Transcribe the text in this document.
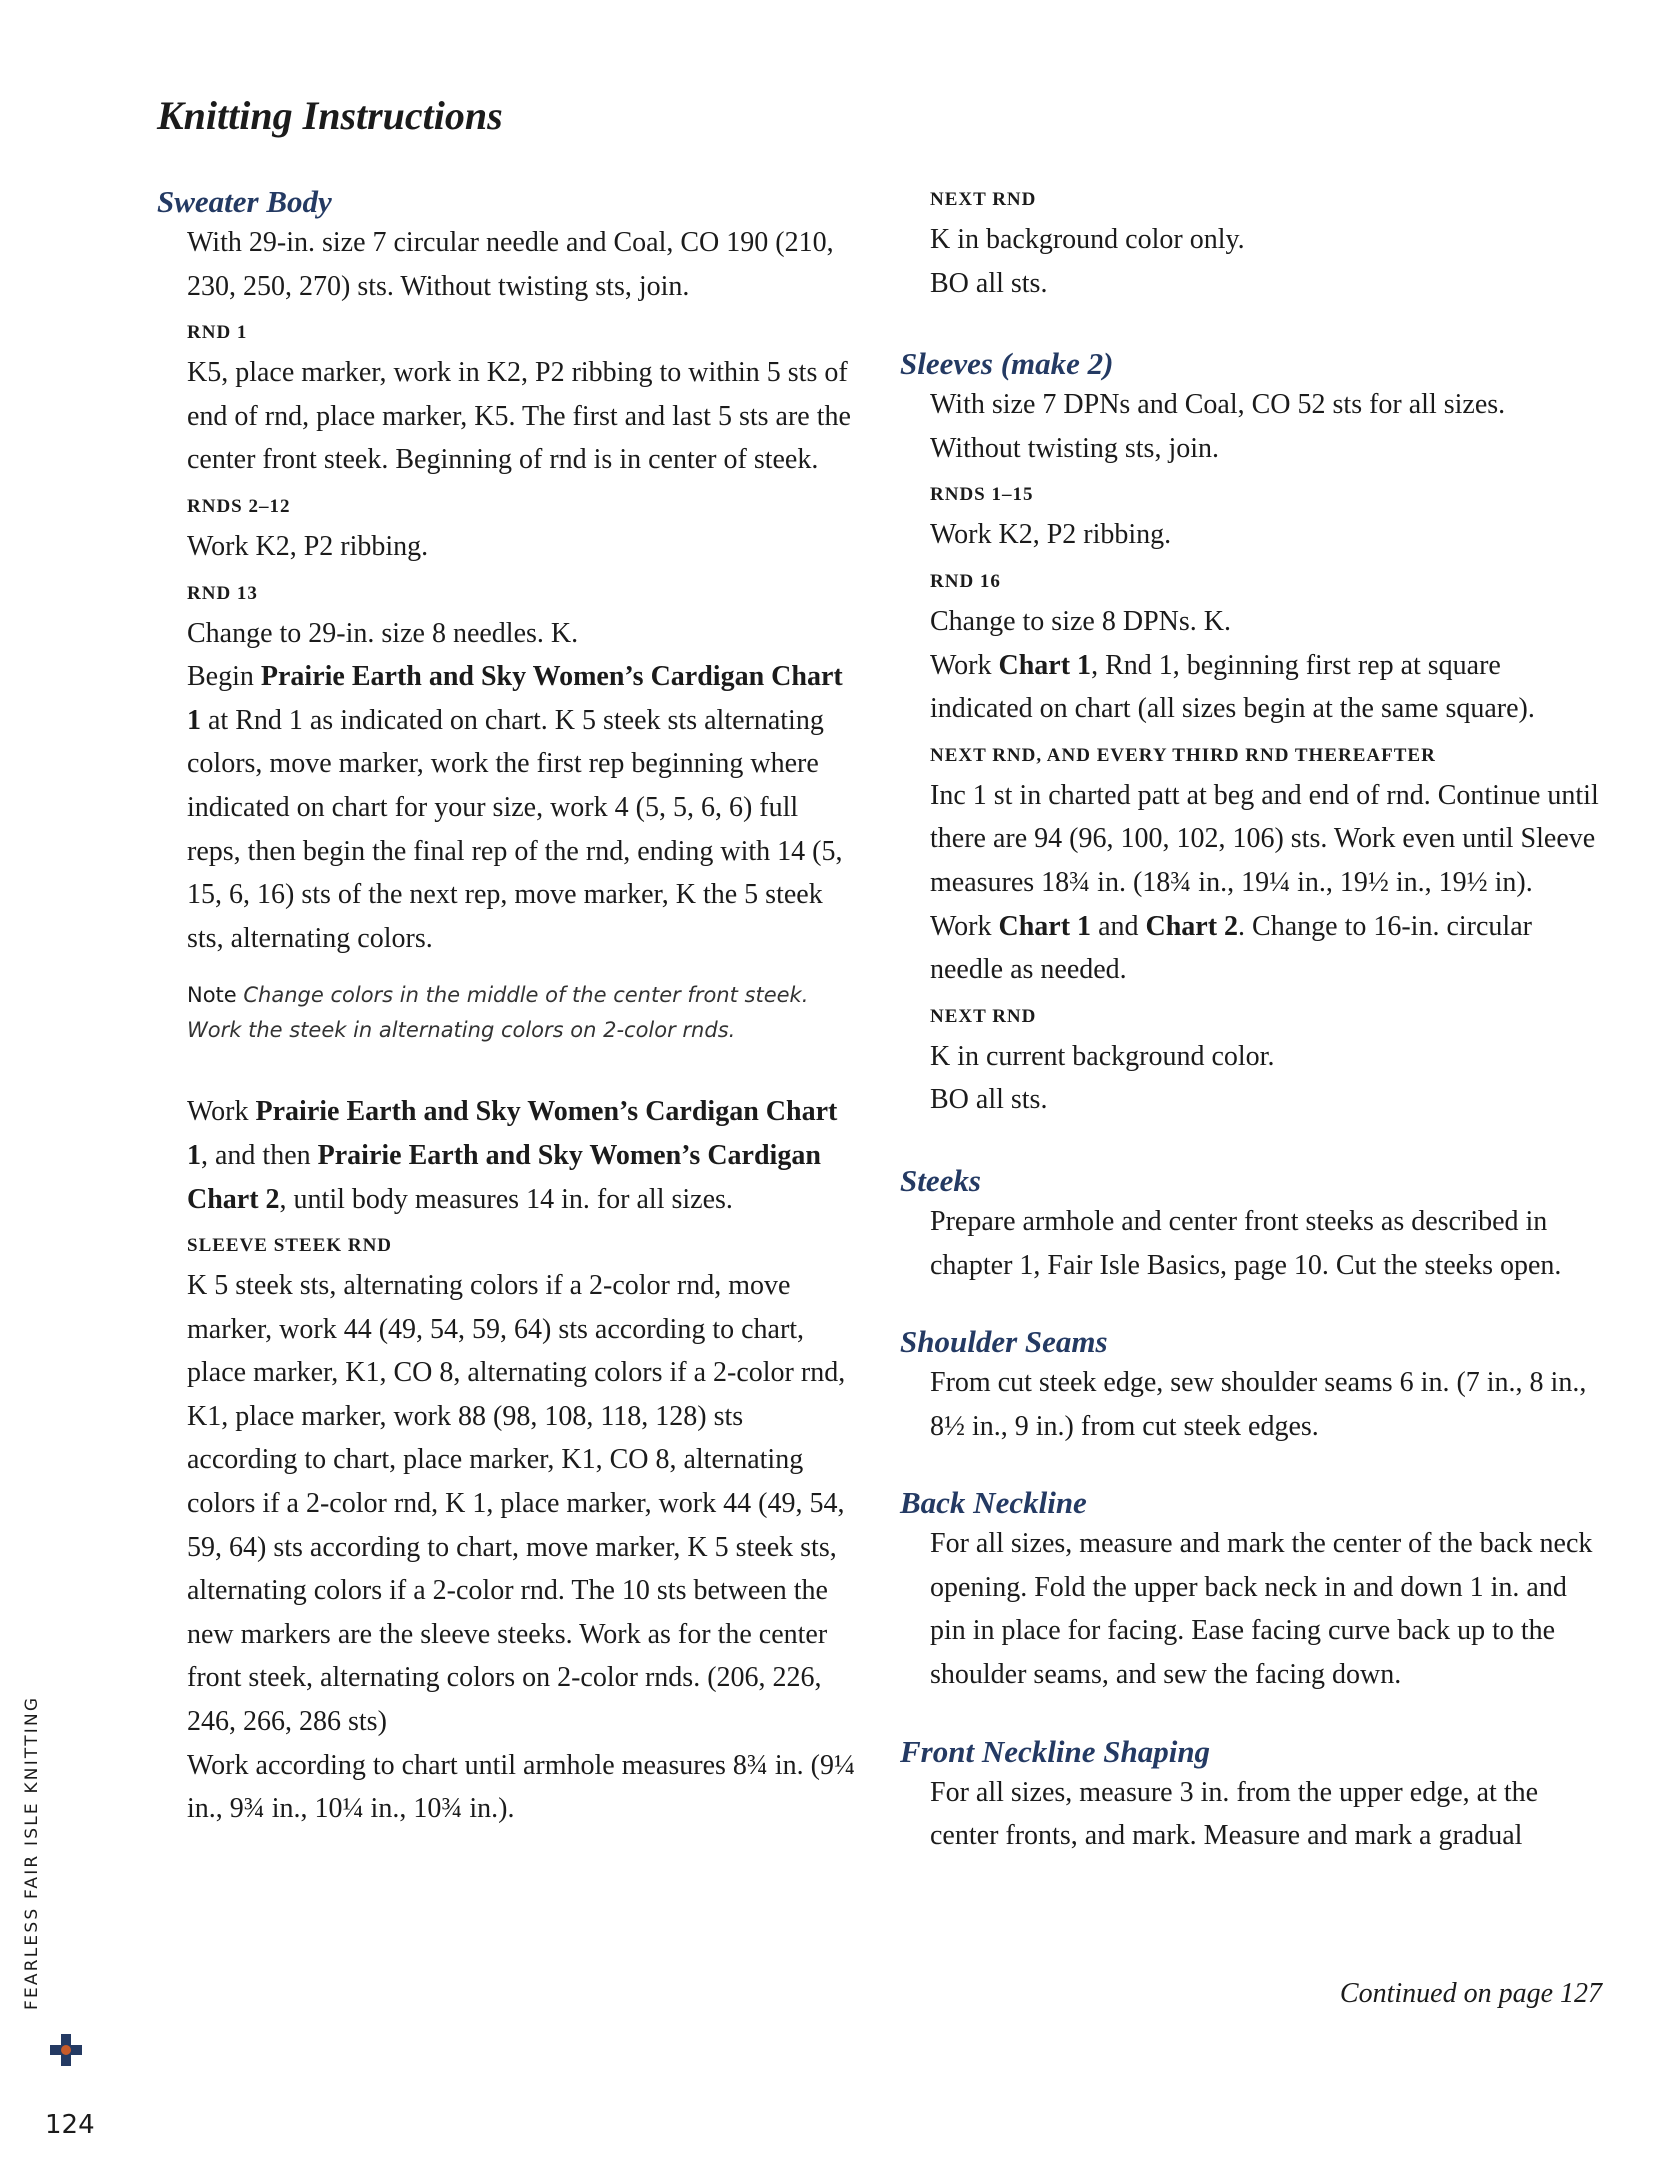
Knitting Instructions
Sweater Body

With 29-in. size 7 circular needle and Coal, CO 190 (210, 230, 250, 270) sts. Without twisting sts, join.

RND 1

K5, place marker, work in K2, P2 ribbing to within 5 sts of end of rnd, place marker, K5. The first and last 5 sts are the center front steek. Beginning of rnd is in center of steek.

RNDS 2–12

Work K2, P2 ribbing.

RND 13

Change to 29-in. size 8 needles. K.

Begin Prairie Earth and Sky Women’s Cardigan Chart 1 at Rnd 1 as indicated on chart. K 5 steek sts alternating colors, move marker, work the first rep beginning where indicated on chart for your size, work 4 (5, 5, 6, 6) full reps, then begin the final rep of the rnd, ending with 14 (5, 15, 6, 16) sts of the next rep, move marker, K the 5 steek sts, alternating colors.

Note Change colors in the middle of the center front steek. Work the steek in alternating colors on 2-color rnds.

Work Prairie Earth and Sky Women’s Cardigan Chart 1, and then Prairie Earth and Sky Women’s Cardigan Chart 2, until body measures 14 in. for all sizes.

SLEEVE STEEK RND

K 5 steek sts, alternating colors if a 2-color rnd, move marker, work 44 (49, 54, 59, 64) sts according to chart, place marker, K1, CO 8, alternating colors if a 2-color rnd, K1, place marker, work 88 (98, 108, 118, 128) sts according to chart, place marker, K1, CO 8, alternating colors if a 2-color rnd, K 1, place marker, work 44 (49, 54, 59, 64) sts according to chart, move marker, K 5 steek sts, alternating colors if a 2-color rnd. The 10 sts between the new markers are the sleeve steeks. Work as for the center front steek, alternating colors on 2-color rnds. (206, 226, 246, 266, 286 sts)

Work according to chart until armhole measures 8¾ in. (9¼ in., 9¾ in., 10¼ in., 10¾ in.).

NEXT RND

K in background color only.

BO all sts.

Sleeves (make 2)

With size 7 DPNs and Coal, CO 52 sts for all sizes. Without twisting sts, join.

RNDS 1–15

Work K2, P2 ribbing.

RND 16

Change to size 8 DPNs. K.

Work Chart 1, Rnd 1, beginning first rep at square indicated on chart (all sizes begin at the same square).

NEXT RND, AND EVERY THIRD RND THEREAFTER

Inc 1 st in charted patt at beg and end of rnd. Continue until there are 94 (96, 100, 102, 106) sts. Work even until Sleeve measures 18¾ in. (18¾ in., 19¼ in., 19½ in., 19½ in). Work Chart 1 and Chart 2. Change to 16-in. circular needle as needed.

NEXT RND

K in current background color.

BO all sts.

Steeks

Prepare armhole and center front steeks as described in chapter 1, Fair Isle Basics, page 10. Cut the steeks open.

Shoulder Seams

From cut steek edge, sew shoulder seams 6 in. (7 in., 8 in., 8½ in., 9 in.) from cut steek edges.

Back Neckline

For all sizes, measure and mark the center of the back neck opening. Fold the upper back neck in and down 1 in. and pin in place for facing. Ease facing curve back up to the shoulder seams, and sew the facing down.

Front Neckline Shaping

For all sizes, measure 3 in. from the upper edge, at the center fronts, and mark. Measure and mark a gradual

Continued on page 127

FEARLESS FAIR ISLE KNITTING

124
